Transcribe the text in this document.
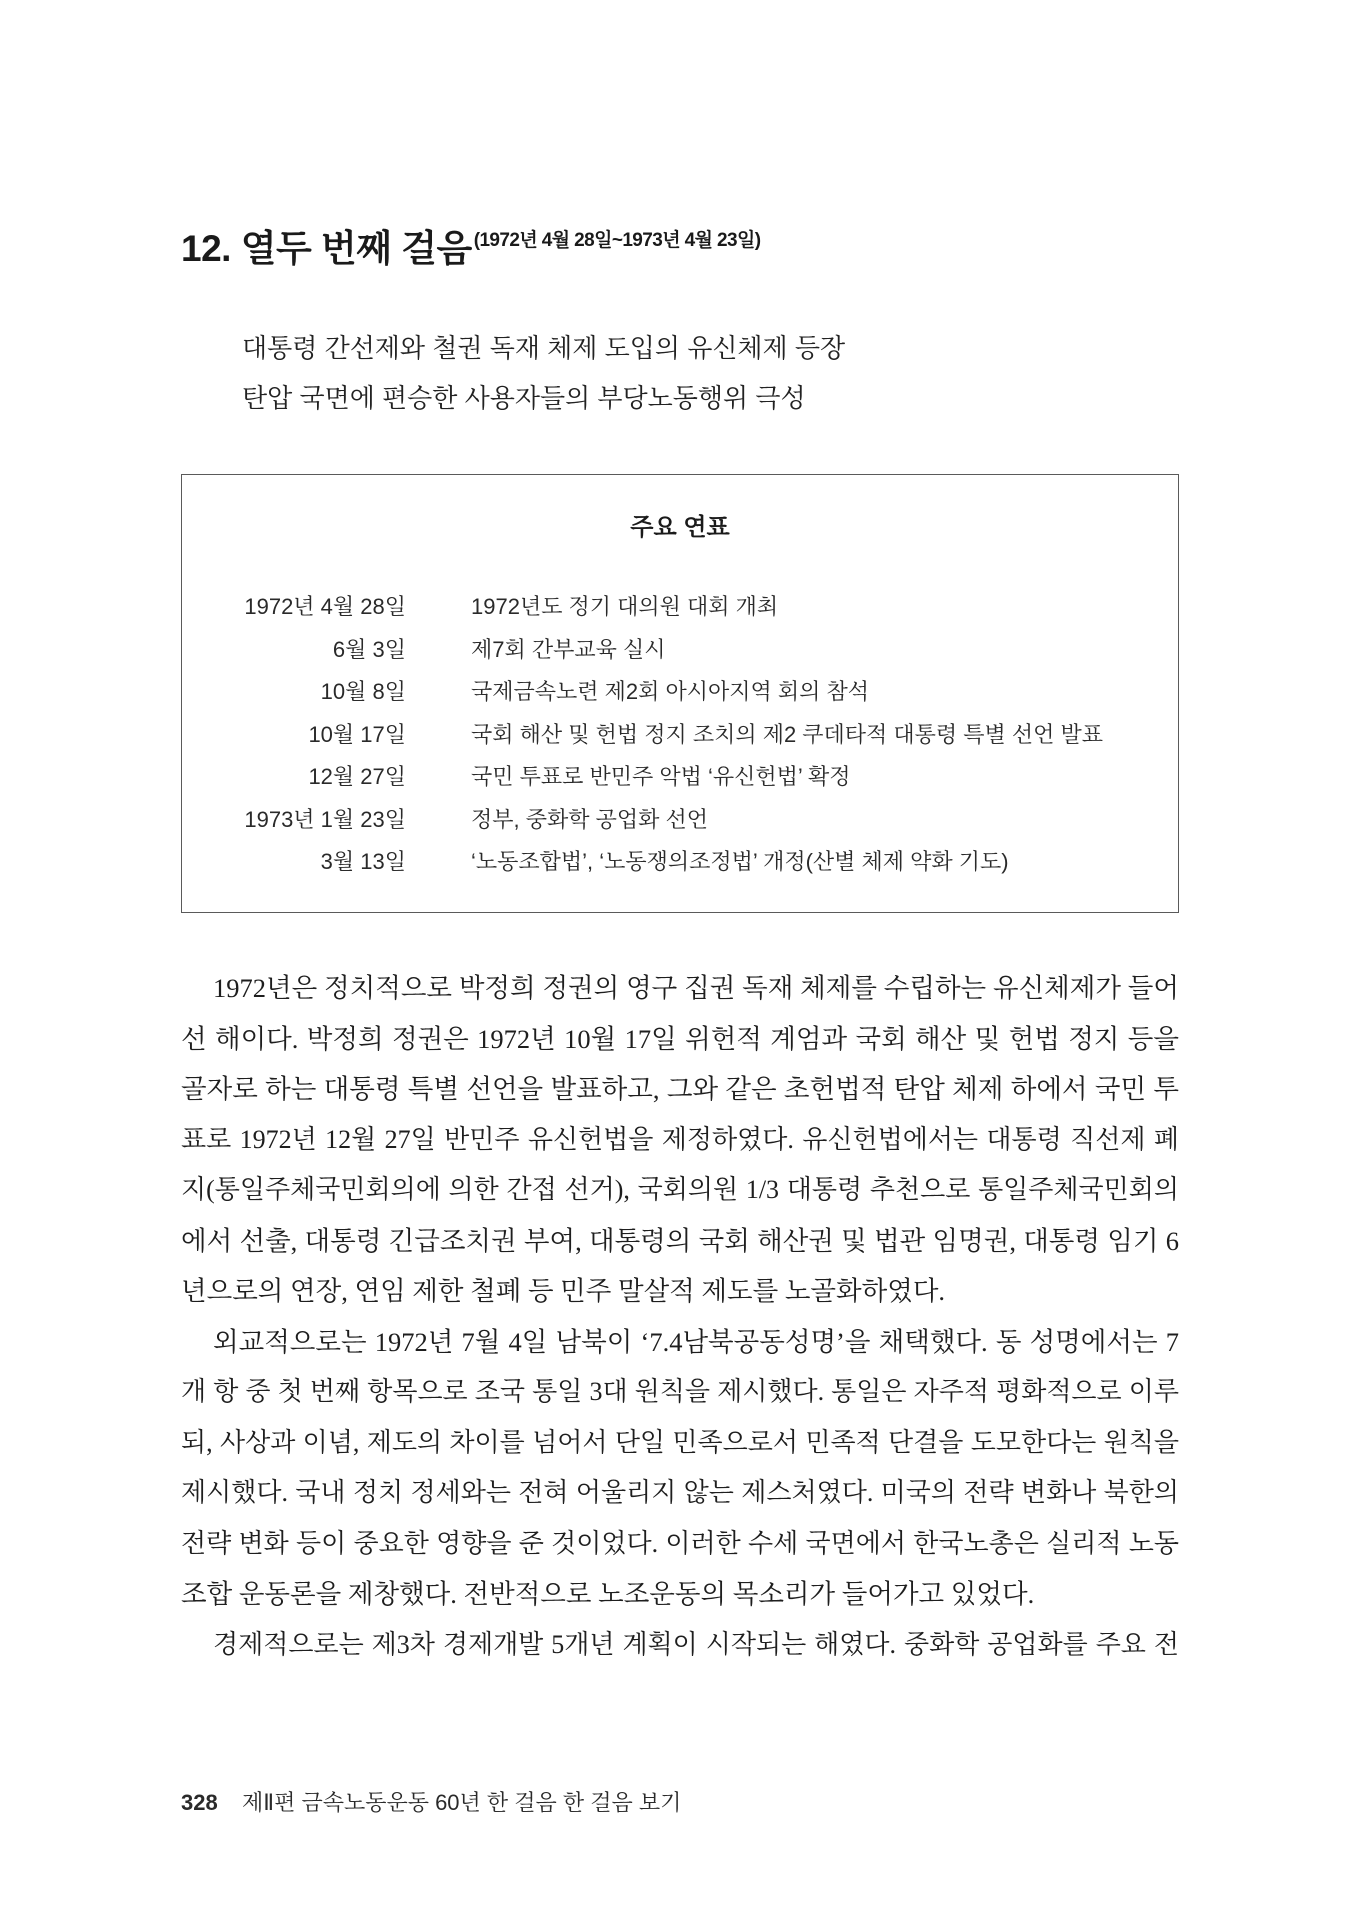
12. 열두 번째 걸음 (1972년 4월 28일~1973년 4월 23일)
대통령 간선제와 철권 독재 체제 도입의 유신체제 등장
탄압 국면에 편승한 사용자들의 부당노동행위 극성
주요 연표
1972년 4월 28일	1972년도 정기 대의원 대회 개최
6월 3일	제7회 간부교육 실시
10월 8일	국제금속노련 제2회 아시아지역 회의 참석
10월 17일	국회 해산 및 헌법 정지 조치의 제2 쿠데타적 대통령 특별 선언 발표
12월 27일	국민 투표로 반민주 악법 ‘유신헌법’ 확정
1973년 1월 23일	정부, 중화학 공업화 선언
3월 13일	‘노동조합법’, ‘노동쟁의조정법’ 개정(산별 체제 약화 기도)
1972년은 정치적으로 박정희 정권의 영구 집권 독재 체제를 수립하는 유신체제가 들어
선 해이다. 박정희 정권은 1972년 10월 17일 위헌적 계엄과 국회 해산 및 헌법 정지 등을
골자로 하는 대통령 특별 선언을 발표하고, 그와 같은 초헌법적 탄압 체제 하에서 국민 투
표로 1972년 12월 27일 반민주 유신헌법을 제정하였다. 유신헌법에서는 대통령 직선제 폐
지(통일주체국민회의에 의한 간접 선거), 국회의원 1/3 대통령 추천으로 통일주체국민회의
에서 선출, 대통령 긴급조치권 부여, 대통령의 국회 해산권 및 법관 임명권, 대통령 임기 6
년으로의 연장, 연임 제한 철폐 등 민주 말살적 제도를 노골화하였다.
외교적으로는 1972년 7월 4일 남북이 ‘7.4남북공동성명’을 채택했다. 동 성명에서는 7
개 항 중 첫 번째 항목으로 조국 통일 3대 원칙을 제시했다. 통일은 자주적 평화적으로 이루
되, 사상과 이념, 제도의 차이를 넘어서 단일 민족으로서 민족적 단결을 도모한다는 원칙을
제시했다. 국내 정치 정세와는 전혀 어울리지 않는 제스처였다. 미국의 전략 변화나 북한의
전략 변화 등이 중요한 영향을 준 것이었다. 이러한 수세 국면에서 한국노총은 실리적 노동
조합 운동론을 제창했다. 전반적으로 노조운동의 목소리가 들어가고 있었다.
경제적으로는 제3차 경제개발 5개년 계획이 시작되는 해였다. 중화학 공업화를 주요 전
328 제Ⅱ편 금속노동운동 60년 한 걸음 한 걸음 보기
